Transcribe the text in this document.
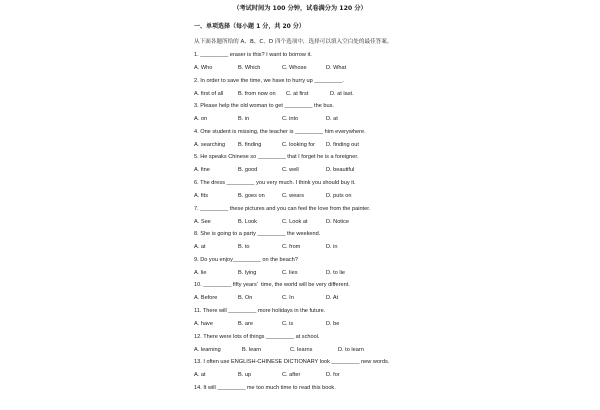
（考试时间为 100 分钟，试卷满分为 120 分）
一、单项选择（每小题 1 分，共 20 分）
从下面各题所给的 A、B、C、D 四个选项中，选择可以填入空白处的最佳答案。
1. _________ eraser is this? I want to borrow it.
A. Who	B. Which	C. Whose	D. What
2. In order to save the time, we have to hurry up _________.
A. first of all	B. from now on C. at first	D. at last.
3. Please help the old woman to get _________ the bus.
A. on	B. in	C. into	D. at
4. One student is missing, the teacher is _________ him everywhere.
A. searching B. finding	C. looking for D. finding out
5. He speaks Chinese so _________ that I forget he is a foreigner.
A. fine	B. good	C. well	D. beautiful
6. The dress _________ you very much. I think you should buy it.
A. fits	B. goes on	C. wears	D. puts on
7. _________ these pictures and you can feel the love from the painter.
A. See	B. Look	C. Look at	D. Notice
8. She is going to a party _________ the weekend.
A. at	B. to	C. from	D. in
9. Do you enjoy_________ on the beach?
A. lie	B. lying	C. lies	D. to lie
10. _________ fifty years'  time, the world will be very different.
A. Before	B. On	C. In	D. At
11. There will _________ more holidays in the future.
A. have	B. are	C. is	D. be
12. There were lots of things _________ at school.
A. learning	B. learn	C. learns	D. to learn
13. I often use ENGLISH-CHINESE DICTIONARY look _________ new words.
A. at	B. up	C. after	D. for
14. It will _________ me too much time to read this book.
